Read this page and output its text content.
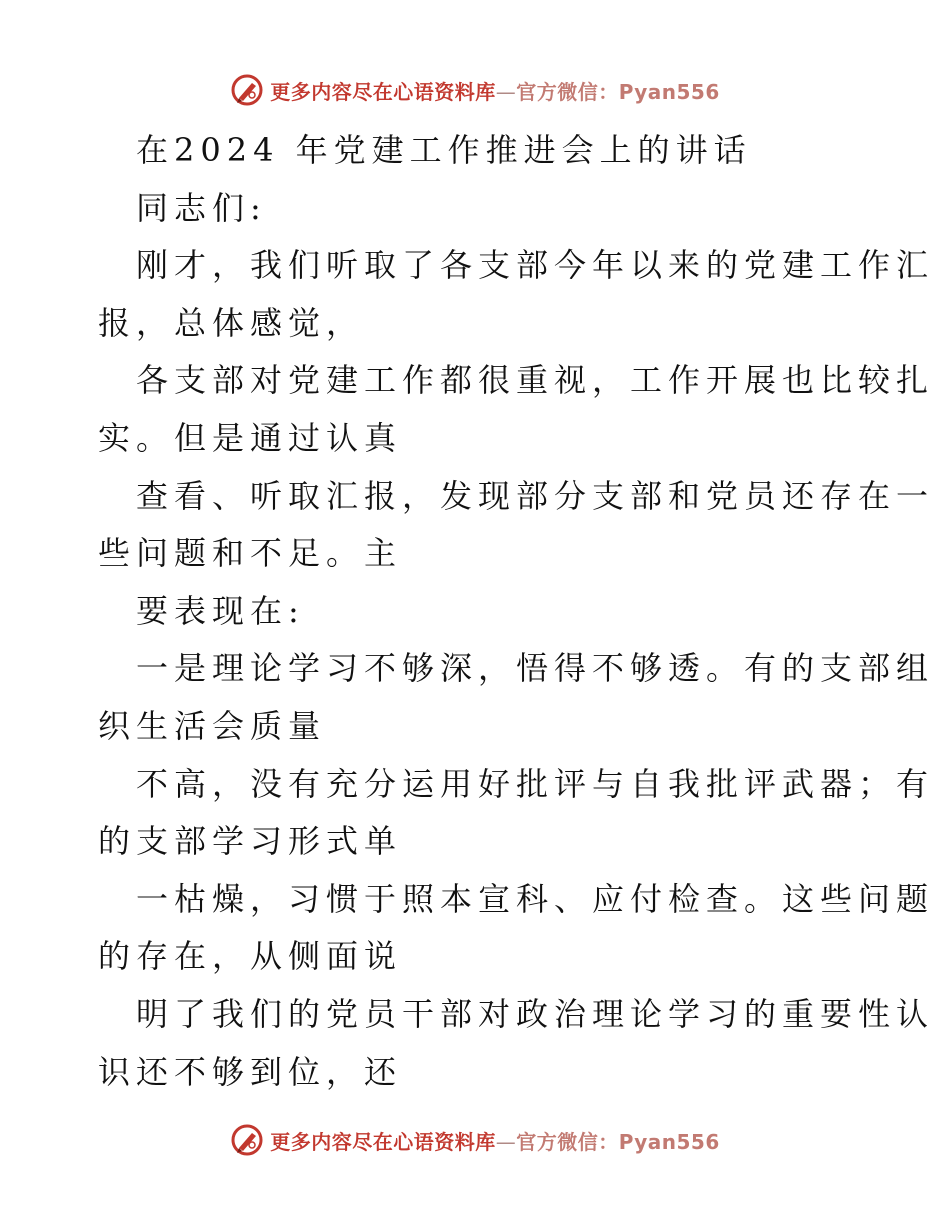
更多内容尽在心语资料库—官方微信：Pyan556
在2024 年党建工作推进会上的讲话
同志们:
刚才，我们听取了各支部今年以来的党建工作汇
报，总体感觉，
各支部对党建工作都很重视，工作开展也比较扎
实。但是通过认真
查看、听取汇报，发现部分支部和党员还存在一
些问题和不足。主
要表现在:
一是理论学习不够深，悟得不够透。有的支部组
织生活会质量
不高，没有充分运用好批评与自我批评武器；有
的支部学习形式单
一枯燥，习惯于照本宣科、应付检查。这些问题
的存在，从侧面说
明了我们的党员干部对政治理论学习的重要性认
识还不够到位，还
更多内容尽在心语资料库—官方微信：Pyan556
